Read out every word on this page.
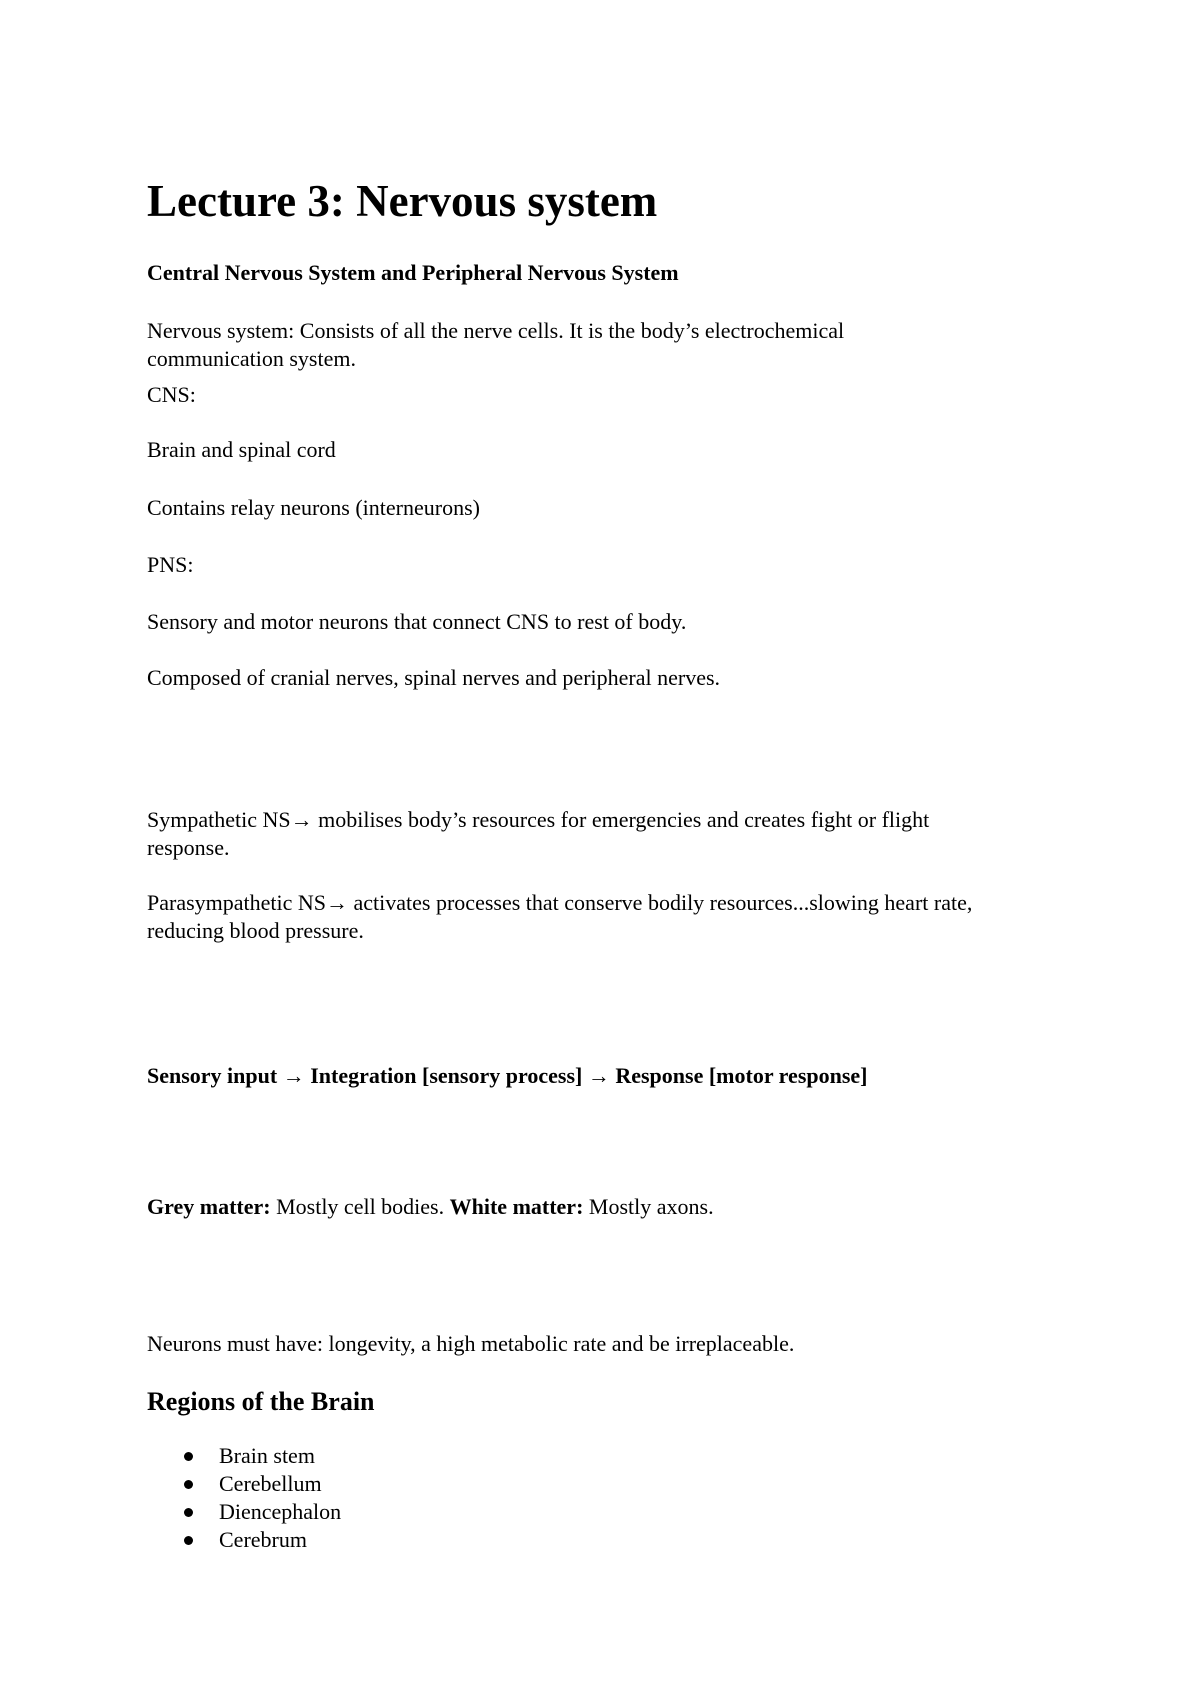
Lecture 3: Nervous system
Central Nervous System and Peripheral Nervous System
Nervous system: Consists of all the nerve cells. It is the body’s electrochemical
communication system.
CNS:
Brain and spinal cord
Contains relay neurons (interneurons)
PNS:
Sensory and motor neurons that connect CNS to rest of body.
Composed of cranial nerves, spinal nerves and peripheral nerves.
Sympathetic NS→ mobilises body’s resources for emergencies and creates fight or flight
response.
Parasympathetic NS→ activates processes that conserve bodily resources...slowing heart rate,
reducing blood pressure.
Sensory input → Integration [sensory process] → Response [motor response]
Grey matter: Mostly cell bodies. White matter: Mostly axons.
Neurons must have: longevity, a high metabolic rate and be irreplaceable.
Regions of the Brain
Brain stem
Cerebellum
Diencephalon
Cerebrum
